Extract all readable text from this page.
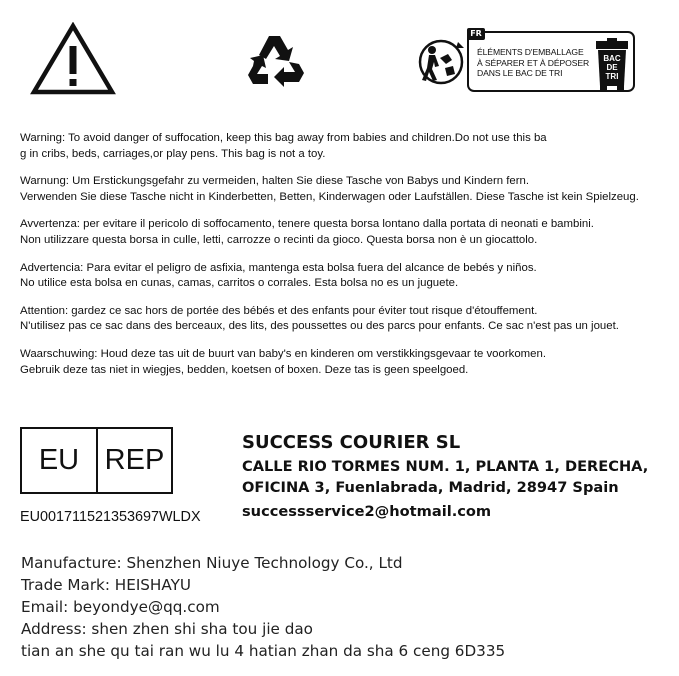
FR
ÉLÉMENTS D'EMBALLAGE
À SÉPARER ET À DÉPOSER
DANS LE BAC DE TRI
BAC
DE
TRI
Warning: To avoid danger of suffocation, keep this bag away from babies and children.Do not use this ba
g in cribs, beds, carriages,or play pens. This bag is not a toy.
Warnung: Um Erstickungsgefahr zu vermeiden, halten Sie diese Tasche von Babys und Kindern fern.
Verwenden Sie diese Tasche nicht in Kinderbetten, Betten, Kinderwagen oder Laufställen. Diese Tasche ist kein Spielzeug.
Avvertenza: per evitare il pericolo di soffocamento, tenere questa borsa lontano dalla portata di neonati e bambini.
Non utilizzare questa borsa in culle, letti, carrozze o recinti da gioco. Questa borsa non è un giocattolo.
Advertencia: Para evitar el peligro de asfixia, mantenga esta bolsa fuera del alcance de bebés y niños.
No utilice esta bolsa en cunas, camas, carritos o corrales. Esta bolsa no es un juguete.
Attention: gardez ce sac hors de portée des bébés et des enfants pour éviter tout risque d'étouffement.
N'utilisez pas ce sac dans des berceaux, des lits, des poussettes ou des parcs pour enfants. Ce sac n'est pas un jouet.
Waarschuwing: Houd deze tas uit de buurt van baby's en kinderen om verstikkingsgevaar te voorkomen.
Gebruik deze tas niet in wiegjes, bedden, koetsen of boxen. Deze tas is geen speelgoed.
EU REP
EU001711521353697WLDX
SUCCESS COURIER SL
CALLE RIO TORMES NUM. 1, PLANTA 1, DERECHA,
OFICINA 3, Fuenlabrada, Madrid, 28947 Spain
successservice2@hotmail.com
Manufacture: Shenzhen Niuye Technology Co., Ltd
Trade Mark: HEISHAYU
Email: beyondye@qq.com
Address: shen zhen shi sha tou jie dao
tian an she qu tai ran wu lu 4 hatian zhan da sha 6 ceng 6D335
